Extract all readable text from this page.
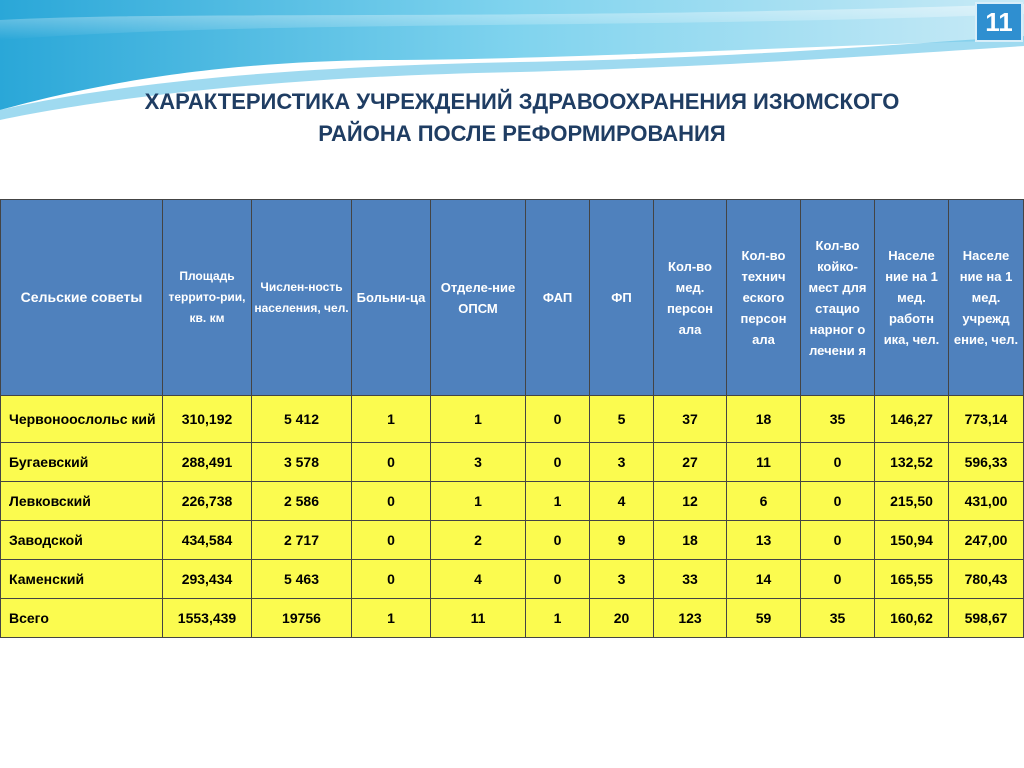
11
ХАРАКТЕРИСТИКА УЧРЕЖДЕНИЙ ЗДРАВООХРАНЕНИЯ ИЗЮМСКОГО
РАЙОНА ПОСЛЕ РЕФОРМИРОВАНИЯ
Сельские советы	Площадь террито-рии, кв. км	Числен-ность населения, чел.	Больни-ца	Отделе-ние ОПСМ	ФАП	ФП	Кол-во мед. персон ала	Кол-во технич еского персон ала	Кол-во койко-мест для стацио нарног о лечени я	Населе ние на 1 мед. работн ика, чел.	Населе ние на 1 мед. учрежд ение, чел.
Червоноослольс кий	310,192	5 412	1	1	0	5	37	18	35	146,27	773,14
Бугаевский	288,491	3 578	0	3	0	3	27	11	0	132,52	596,33
Левковский	226,738	2 586	0	1	1	4	12	6	0	215,50	431,00
Заводской	434,584	2 717	0	2	0	9	18	13	0	150,94	247,00
Каменский	293,434	5 463	0	4	0	3	33	14	0	165,55	780,43
Всего	1553,439	19756	1	11	1	20	123	59	35	160,62	598,67
